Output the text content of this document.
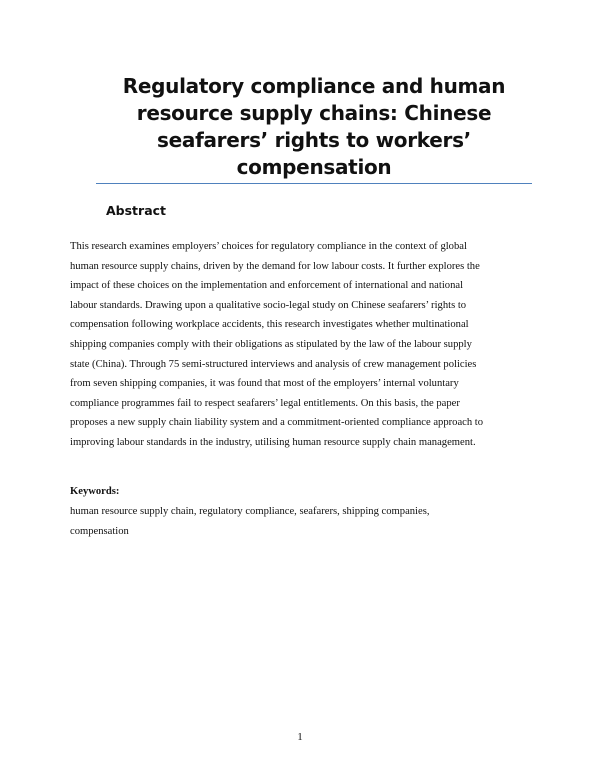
Regulatory compliance and human
resource supply chains: Chinese
seafarers’ rights to workers’
compensation
Abstract

This research examines employers’ choices for regulatory compliance in the context of global
human resource supply chains, driven by the demand for low labour costs. It further explores the
impact of these choices on the implementation and enforcement of international and national
labour standards. Drawing upon a qualitative socio-legal study on Chinese seafarers’ rights to
compensation following workplace accidents, this research investigates whether multinational
shipping companies comply with their obligations as stipulated by the law of the labour supply
state (China). Through 75 semi-structured interviews and analysis of crew management policies
from seven shipping companies, it was found that most of the employers’ internal voluntary
compliance programmes fail to respect seafarers’ legal entitlements. On this basis, the paper
proposes a new supply chain liability system and a commitment-oriented compliance approach to
improving labour standards in the industry, utilising human resource supply chain management.

Keywords:

human resource supply chain, regulatory compliance, seafarers, shipping companies,
compensation

1
